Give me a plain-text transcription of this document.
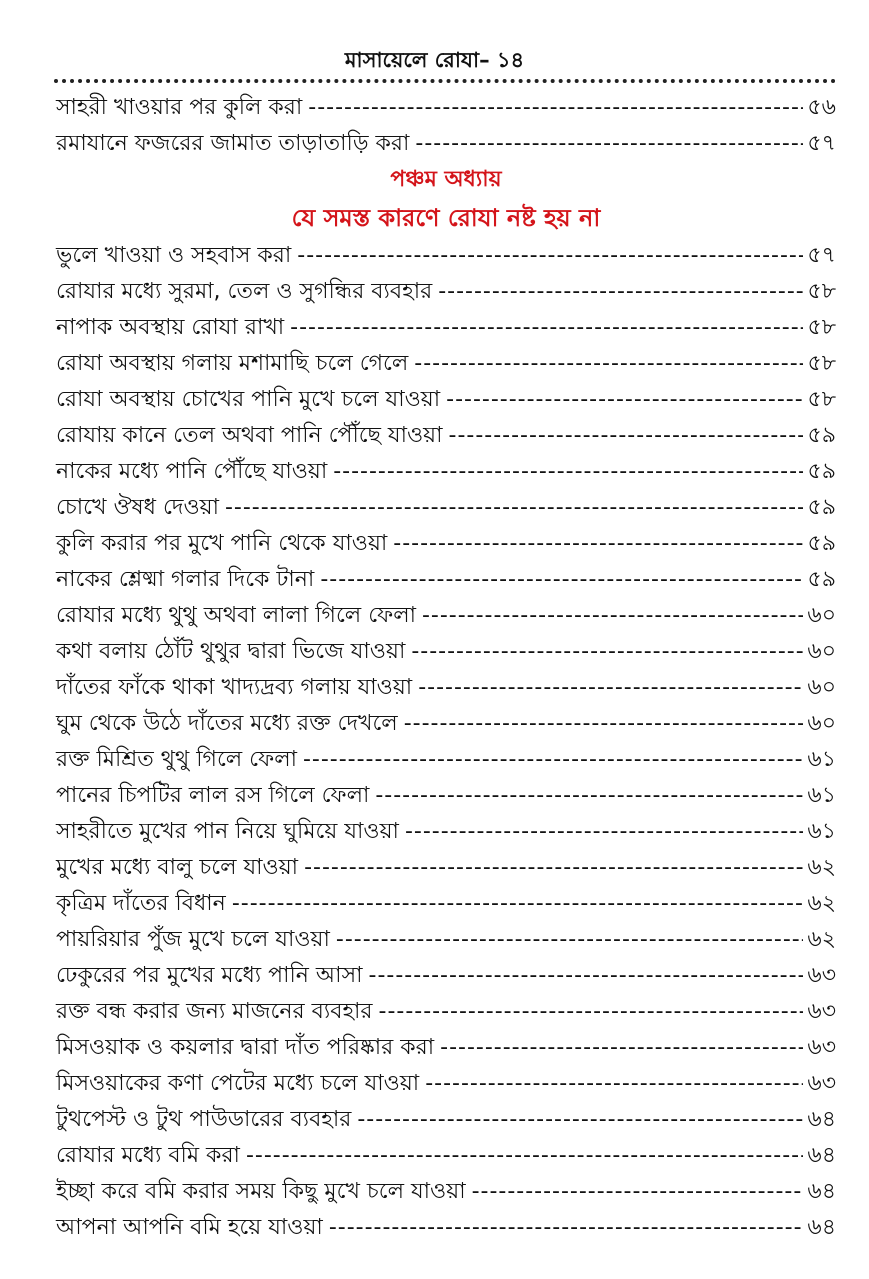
মাসায়েলে রোযা– ১৪
সাহরী খাওয়ার পর কুলি করা -----	৫৬
রমাযানে ফজরের জামাত তাড়াতাড়ি করা -----	৫৭
পঞ্চম অধ্যায়
যে সমস্ত কারণে রোযা নষ্ট হয় না
ভুলে খাওয়া ও সহবাস করা -----	৫৭
রোযার মধ্যে সুরমা, তেল ও সুগন্ধির ব্যবহার -----	৫৮
নাপাক অবস্থায় রোযা রাখা -----	৫৮
রোযা অবস্থায় গলায় মশামাছি চলে গেলে -----	৫৮
রোযা অবস্থায় চোখের পানি মুখে চলে যাওয়া -----	৫৮
রোযায় কানে তেল অথবা পানি পৌঁছে যাওয়া -----	৫৯
নাকের মধ্যে পানি পৌঁছে যাওয়া -----	৫৯
চোখে ঔষধ দেওয়া -----	৫৯
কুলি করার পর মুখে পানি থেকে যাওয়া -----	৫৯
নাকের শ্লেষ্মা গলার দিকে টানা -----	৫৯
রোযার মধ্যে থুথু অথবা লালা গিলে ফেলা -----	৬০
কথা বলায় ঠোঁট থুথুর দ্বারা ভিজে যাওয়া -----	৬০
দাঁতের ফাঁকে থাকা খাদ্যদ্রব্য গলায় যাওয়া -----	৬০
ঘুম থেকে উঠে দাঁতের মধ্যে রক্ত দেখলে -----	৬০
রক্ত মিশ্রিত থুথু গিলে ফেলা -----	৬১
পানের চিপটির লাল রস গিলে ফেলা -----	৬১
সাহরীতে মুখের পান নিয়ে ঘুমিয়ে যাওয়া -----	৬১
মুখের মধ্যে বালু চলে যাওয়া -----	৬২
কৃত্রিম দাঁতের বিধান -----	৬২
পায়রিয়ার পুঁজ মুখে চলে যাওয়া -----	৬২
ঢেকুরের পর মুখের মধ্যে পানি আসা -----	৬৩
রক্ত বন্ধ করার জন্য মাজনের ব্যবহার -----	৬৩
মিসওয়াক ও কয়লার দ্বারা দাঁত পরিষ্কার করা -----	৬৩
মিসওয়াকের কণা পেটের মধ্যে চলে যাওয়া -----	৬৩
টুথপেস্ট ও টুথ পাউডারের ব্যবহার -----	৬৪
রোযার মধ্যে বমি করা -----	৬৪
ইচ্ছা করে বমি করার সময় কিছু মুখে চলে যাওয়া -----	৬৪
আপনা আপনি বমি হয়ে যাওয়া -----	৬৪
